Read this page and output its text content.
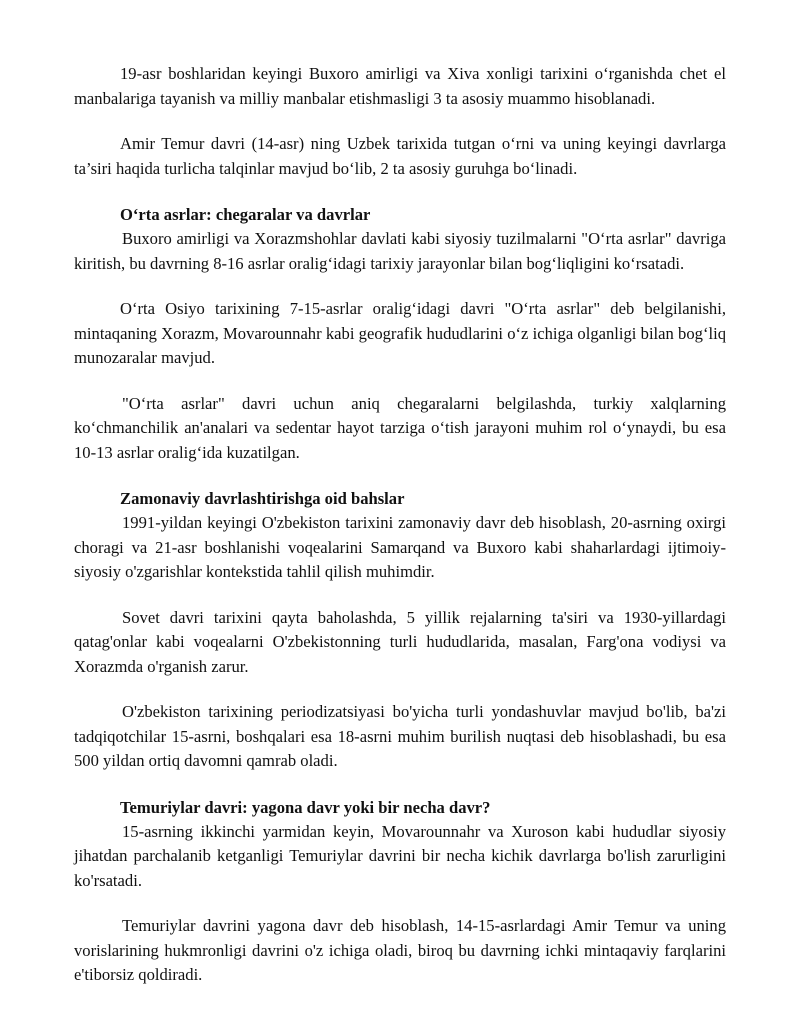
19-asr boshlaridan keyingi Buxoro amirligi va Xiva xonligi tarixini o‘rganishda chet el manbalariga tayanish va milliy manbalar etishmasligi 3 ta asosiy muammo hisoblanadi.

Amir Temur davri (14-asr) ning Uzbek tarixida tutgan o‘rni va uning keyingi davrlarga ta’siri haqida turlicha talqinlar mavjud bo‘lib, 2 ta asosiy guruhga bo‘linadi.

O‘rta asrlar: chegaralar va davrlar

Buxoro amirligi va Xorazmshohlar davlati kabi siyosiy tuzilmalarni "O‘rta asrlar" davriga kiritish, bu davrning 8-16 asrlar oralig‘idagi tarixiy jarayonlar bilan bog‘liqligini ko‘rsatadi.

O‘rta Osiyo tarixining 7-15-asrlar oralig‘idagi davri "O‘rta asrlar" deb belgilanishi, mintaqaning Xorazm, Movarounnahr kabi geografik hududlarini o‘z ichiga olganligi bilan bog‘liq munozaralar mavjud.

"O‘rta asrlar" davri uchun aniq chegaralarni belgilashda, turkiy xalqlarning ko‘chmanchilik an'analari va sedentar hayot tarziga o‘tish jarayoni muhim rol o‘ynaydi, bu esa 10-13 asrlar oralig‘ida kuzatilgan.

Zamonaviy davrlashtirishga oid bahslar

1991-yildan keyingi O'zbekiston tarixini zamonaviy davr deb hisoblash, 20-asrning oxirgi choragi va 21-asr boshlanishi voqealarini Samarqand va Buxoro kabi shaharlardagi ijtimoiy-siyosiy o'zgarishlar kontekstida tahlil qilish muhimdir.

Sovet davri tarixini qayta baholashda, 5 yillik rejalarning ta'siri va 1930-yillardagi qatag'onlar kabi voqealarni O'zbekistonning turli hududlarida, masalan, Farg'ona vodiysi va Xorazmda o'rganish zarur.

O'zbekiston tarixining periodizatsiyasi bo'yicha turli yondashuvlar mavjud bo'lib, ba'zi tadqiqotchilar 15-asrni, boshqalari esa 18-asrni muhim burilish nuqtasi deb hisoblashadi, bu esa 500 yildan ortiq davomni qamrab oladi.

Temuriylar davri: yagona davr yoki bir necha davr?

15-asrning ikkinchi yarmidan keyin, Movarounnahr va Xuroson kabi hududlar siyosiy jihatdan parchalanib ketganligi Temuriylar davrini bir necha kichik davrlarga bo'lish zarurligini ko'rsatadi.

Temuriylar davrini yagona davr deb hisoblash, 14-15-asrlardagi Amir Temur va uning vorislarining hukmronligi davrini o'z ichiga oladi, biroq bu davrning ichki mintaqaviy farqlarini e'tiborsiz qoldiradi.
